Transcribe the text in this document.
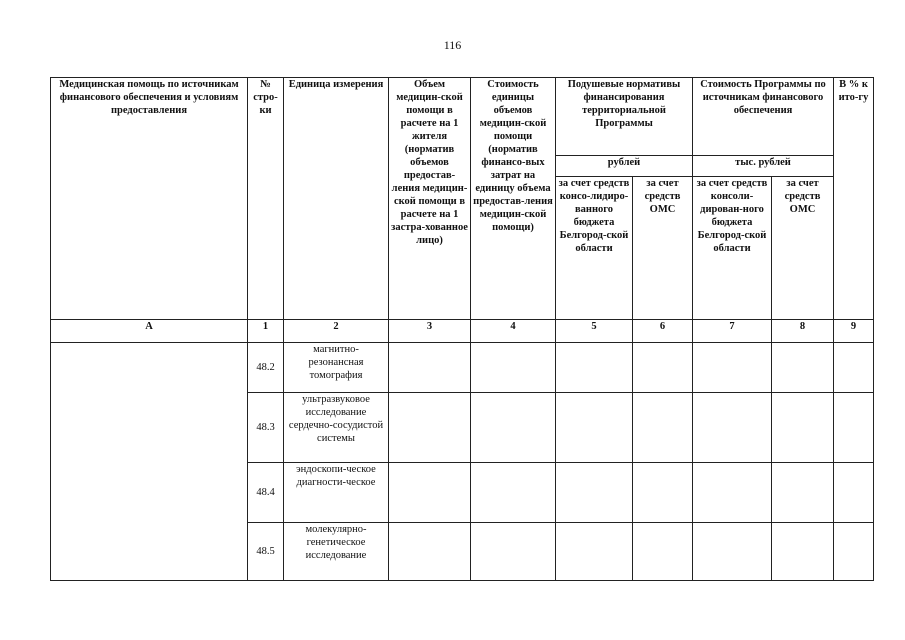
116
Медицинская помощь по источникам финансового обеспечения и условиям предоставления	№ стро-ки	Единица измерения	Объем медицин-ской помощи в расчете на 1 жителя (норматив объемов предостав-ления медицин-ской помощи в расчете на 1 застра-хованное лицо)	Стоимость единицы объемов медицин-ской помощи (норматив финансо-вых затрат на единицу объема предостав-ления медицин-ской помощи)	Подушевые нормативы финансирования территориальной Программы		Стоимость Программы по источникам финансового обеспечения		В % к ито-гу
					рублей		тыс. рублей		
					за счет средств консо-лидиро-ванного бюджета Белгород-ской области	за счет средств ОМС	за счет средств консоли-дирован-ного бюджета Белгород-ской области	за счет средств ОМС	
А	1	2	3	4	5	6	7	8	9
	48.2	магнитно-резонансная томография							
	48.3	ультразвуковое исследование сердечно-сосудистой системы							
	48.4	эндоскопи-ческое диагности-ческое							
	48.5	молекулярно-генетическое исследование							
